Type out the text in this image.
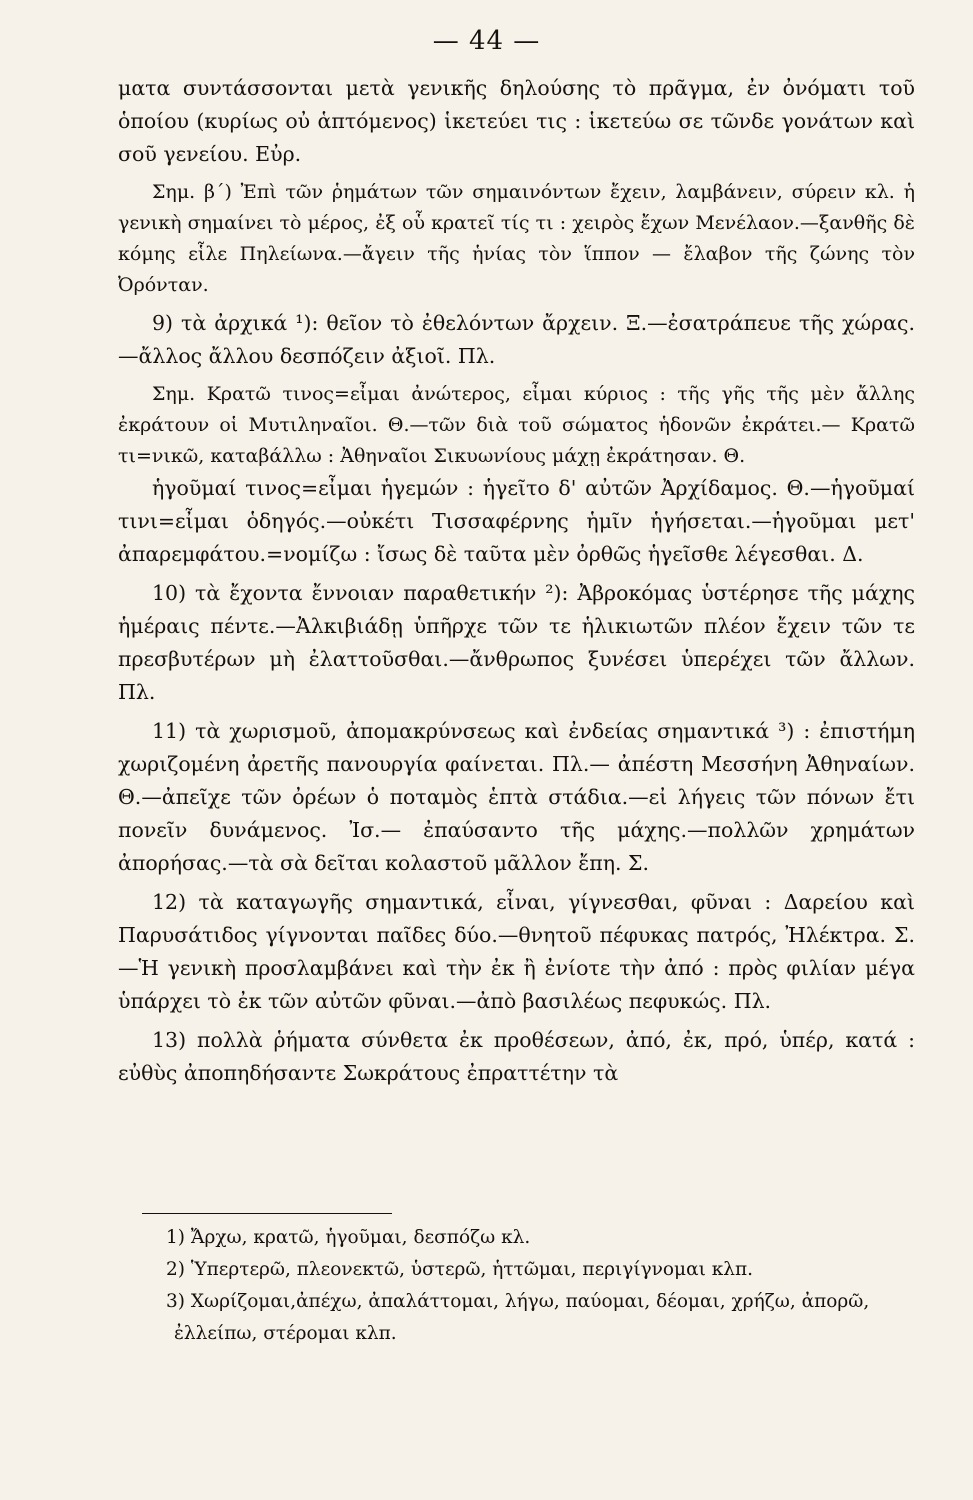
— 44 —

ματα συντάσσονται μετὰ γενικῆς δηλούσης τὸ πρᾶγμα, ἐν ὀνόματι τοῦ ὁποίου (κυρίως οὐ ἁπτόμενος) ἱκετεύει τις : ἱκετεύω σε τῶνδε γονάτων καὶ σοῦ γενείου. Εὐρ.

Σημ. β΄) Ἐπὶ τῶν ῥημάτων τῶν σημαινόντων ἔχειν, λαμβάνειν, σύρειν κλ. ἡ γενικὴ σημαίνει τὸ μέρος, ἐξ οὗ κρατεῖ τίς τι : χειρὸς ἔχων Μενέλαον.—ξανθῆς δὲ κόμης εἷλε Πηλείωνα.—ἄγειν τῆς ἡνίας τὸν ἵππον — ἔλαβον τῆς ζώνης τὸν Ὀρόνταν.

9) τὰ ἀρχικά ¹): θεῖον τὸ ἐθελόντων ἄρχειν. Ξ.—ἐσατράπευε τῆς χώρας.—ἄλλος ἄλλου δεσπόζειν ἀξιοῖ. Πλ.

Σημ. Κρατῶ τινος=εἶμαι ἀνώτερος, εἶμαι κύριος : τῆς γῆς τῆς μὲν ἄλλης ἐκράτουν οἱ Μυτιληναῖοι. Θ.—τῶν διὰ τοῦ σώματος ἡδονῶν ἐκράτει.— Κρατῶ τι=νικῶ, καταβάλλω : Ἀθηναῖοι Σικυωνίους μάχῃ ἐκράτησαν. Θ.

ἡγοῦμαί τινος=εἶμαι ἡγεμών : ἡγεῖτο δ' αὐτῶν Ἀρχίδαμος. Θ.—ἡγοῦμαί τινι=εἶμαι ὁδηγός.—οὐκέτι Τισσαφέρνης ἡμῖν ἡγήσεται.—ἡγοῦμαι μετ' ἀπαρεμφάτου.=νομίζω : ἴσως δὲ ταῦτα μὲν ὀρθῶς ἡγεῖσθε λέγεσθαι. Δ.

10) τὰ ἔχοντα ἔννοιαν παραθετικήν ²): Ἀβροκόμας ὑστέρησε τῆς μάχης ἡμέραις πέντε.—Ἀλκιβιάδῃ ὑπῆρχε τῶν τε ἡλικιωτῶν πλέον ἔχειν τῶν τε πρεσβυτέρων μὴ ἐλαττοῦσθαι.—ἄνθρωπος ξυνέσει ὑπερέχει τῶν ἄλλων. Πλ.

11) τὰ χωρισμοῦ, ἀπομακρύνσεως καὶ ἐνδείας σημαντικά ³) : ἐπιστήμη χωριζομένη ἀρετῆς πανουργία φαίνεται. Πλ.— ἀπέστη Μεσσήνη Ἀθηναίων. Θ.—ἀπεῖχε τῶν ὀρέων ὁ ποταμὸς ἑπτὰ στάδια.—εἰ λήγεις τῶν πόνων ἔτι πονεῖν δυνάμενος. Ἰσ.— ἐπαύσαντο τῆς μάχης.—πολλῶν χρημάτων ἀπορήσας.—τὰ σὰ δεῖται κολαστοῦ μᾶλλον ἔπη. Σ.

12) τὰ καταγωγῆς σημαντικά, εἶναι, γίγνεσθαι, φῦναι : Δαρείου καὶ Παρυσάτιδος γίγνονται παῖδες δύο.—θνητοῦ πέφυκας πατρός, Ἠλέκτρα. Σ.—Ἡ γενικὴ προσλαμβάνει καὶ τὴν ἐκ ἢ ἐνίοτε τὴν ἀπό : πρὸς φιλίαν μέγα ὑπάρχει τὸ ἐκ τῶν αὐτῶν φῦναι.—ἀπὸ βασιλέως πεφυκώς. Πλ.

13) πολλὰ ῥήματα σύνθετα ἐκ προθέσεων, ἀπό, ἐκ, πρό, ὑπέρ, κατά : εὐθὺς ἀποπηδήσαντε Σωκράτους ἐπραττέτην τὰ

1) Ἄρχω, κρατῶ, ἡγοῦμαι, δεσπόζω κλ.

2) Ὑπερτερῶ, πλεονεκτῶ, ὑστερῶ, ἡττῶμαι, περιγίγνομαι κλπ.

3) Χωρίζομαι,ἀπέχω, ἀπαλάττομαι, λήγω, παύομαι, δέομαι, χρήζω, ἀπορῶ, ἐλλείπω, στέρομαι κλπ.
